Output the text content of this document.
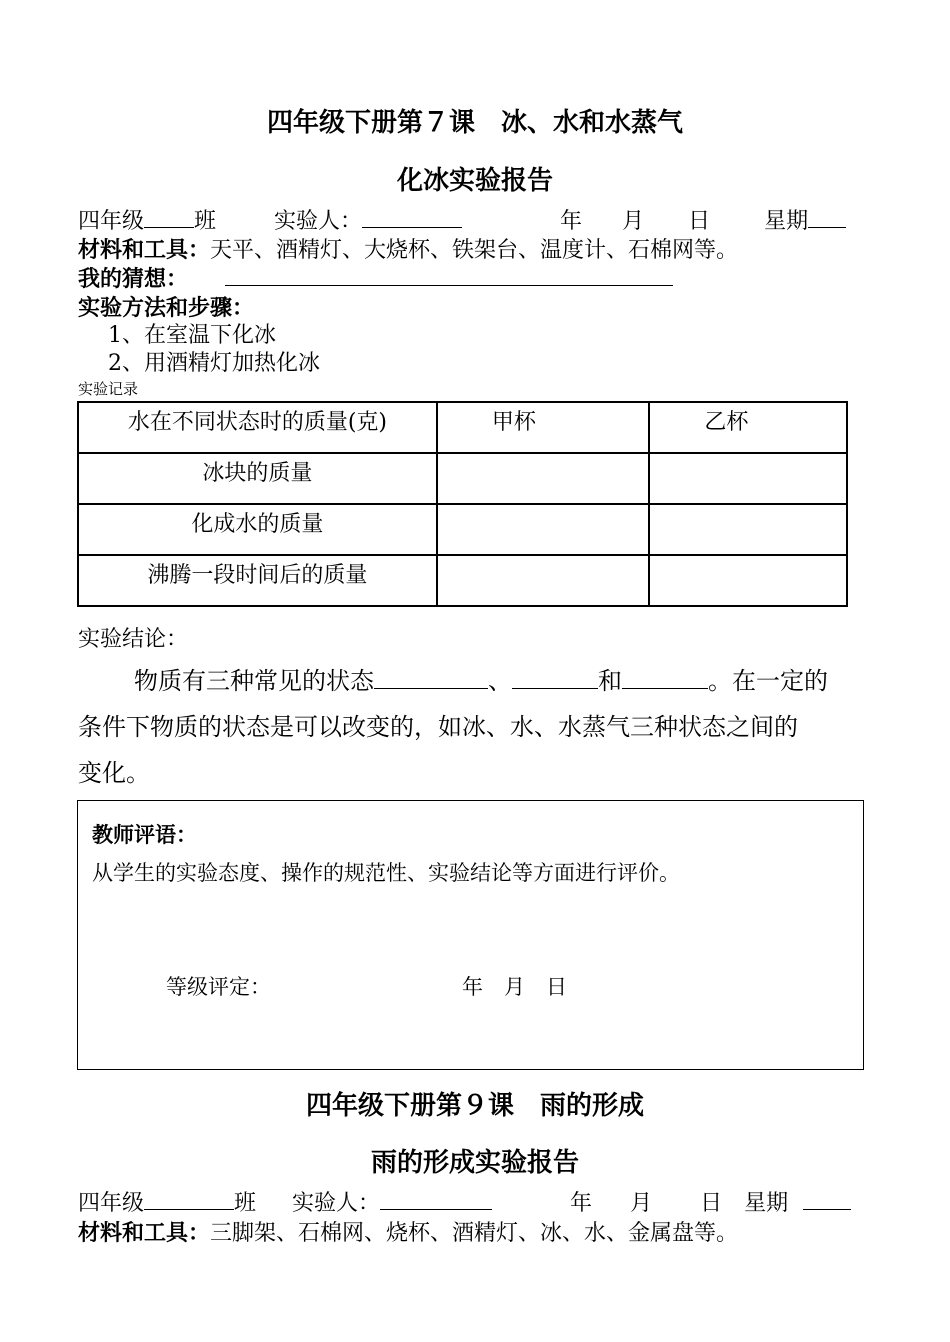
四年级下册第７课　冰、水和水蒸气
化冰实验报告
四年级 班	实验人：	年 月 日 星期
材料和工具：天平、酒精灯、大烧杯、铁架台、温度计、石棉网等。
我的猜想：
实验方法和步骤：
1、在室温下化冰
2、用酒精灯加热化冰
实验记录
水在不同状态时的质量(克)	甲杯	乙杯

冰块的质量		

化成水的质量		

沸腾一段时间后的质量		

实验结论：
物质有三种常见的状态	、	和	。在一定的
条件下物质的状态是可以改变的，如冰、水、水蒸气三种状态之间的
变化。
教师评语：
从学生的实验态度、操作的规范性、实验结论等方面进行评价。
等级评定：	年　月　日
四年级下册第９课　雨的形成
雨的形成实验报告
四年级	班 实验人：	年 月 日 星期
材料和工具：三脚架、石棉网、烧杯、酒精灯、冰、水、金属盘等。
